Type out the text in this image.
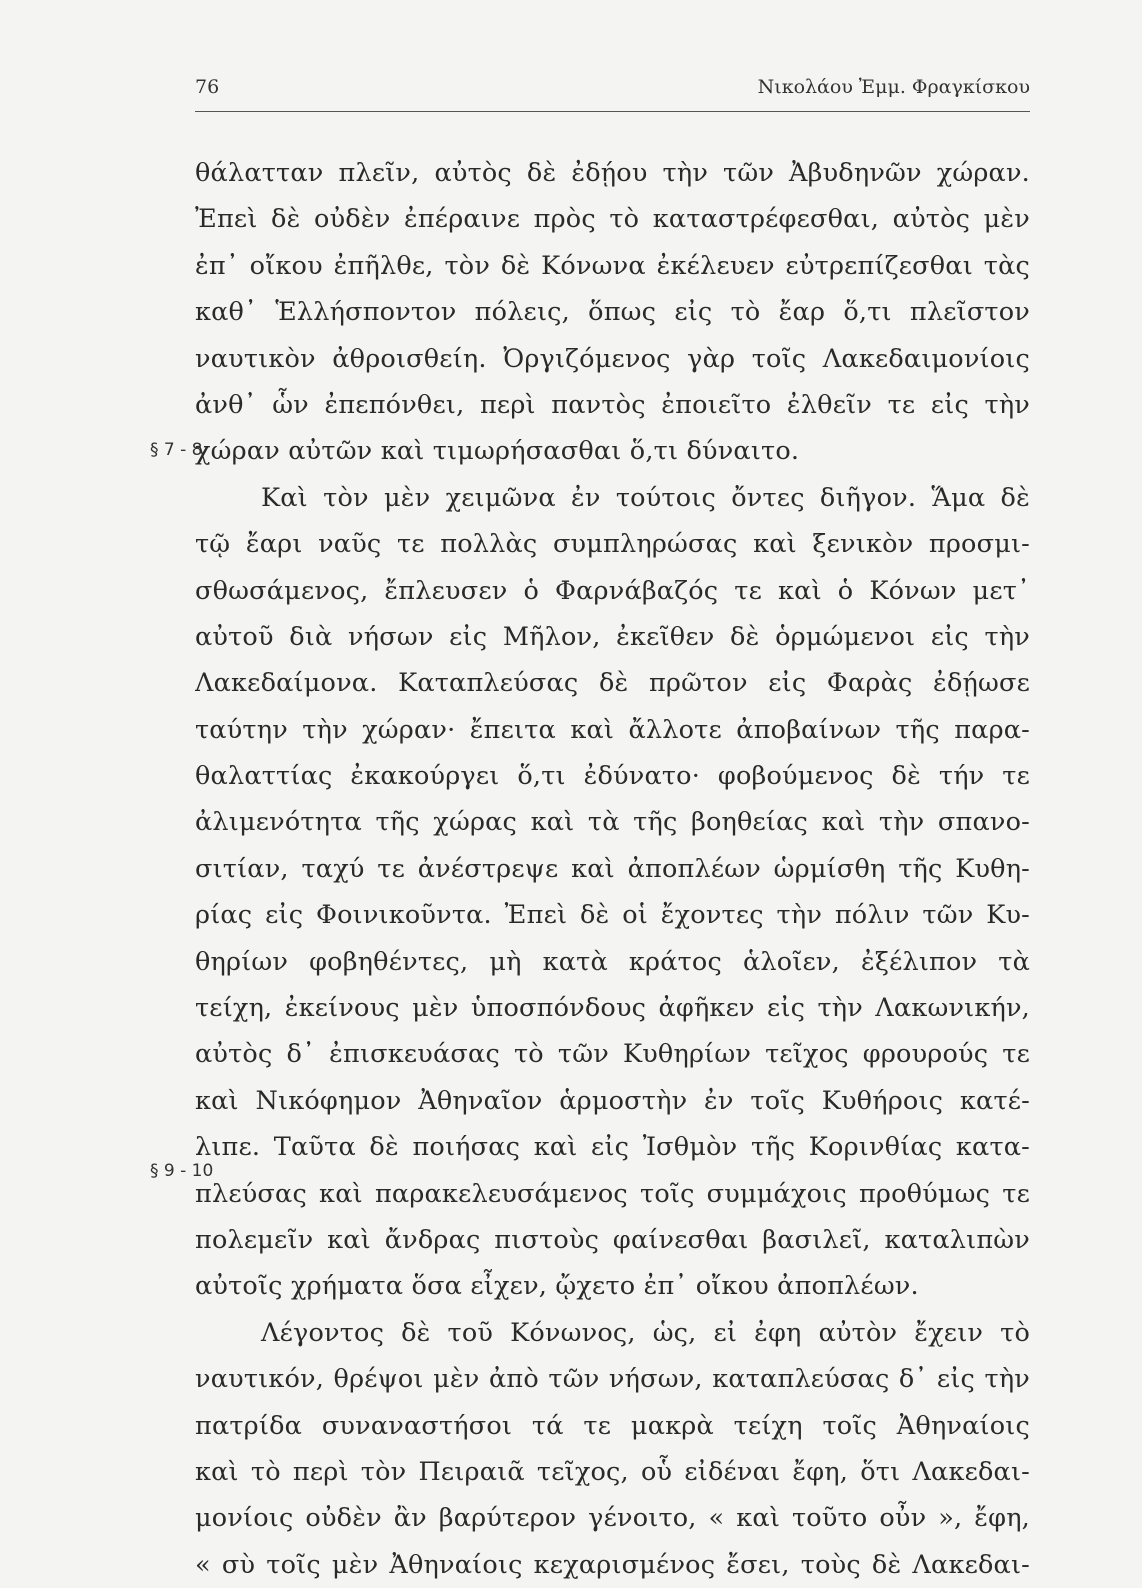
76	Νικολάου Ἐμμ. Φραγκίσκου
§ 7 - 8
§ 9 - 10
θάλατταν πλεῖν, αὐτὸς δὲ ἐδῄου τὴν τῶν Ἀβυδηνῶν χώραν.
Ἐπεὶ δὲ οὐδὲν ἐπέραινε πρὸς τὸ καταστρέφεσθαι, αὐτὸς μὲν
ἐπ᾽ οἴκου ἐπῆλθε, τὸν δὲ Κόνωνα ἐκέλευεν εὐτρεπίζεσθαι τὰς
καθ᾽ Ἑλλήσποντον πόλεις, ὅπως εἰς τὸ ἔαρ ὅ,τι πλεῖστον
ναυτικὸν ἀθροισθείη. Ὀργιζόμενος γὰρ τοῖς Λακεδαιμονίοις
ἀνθ᾽ ὧν ἐπεπόνθει, περὶ παντὸς ἐποιεῖτο ἐλθεῖν τε εἰς τὴν
χώραν αὐτῶν καὶ τιμωρήσασθαι ὅ,τι δύναιτο.
Καὶ τὸν μὲν χειμῶνα ἐν τούτοις ὄντες διῆγον. Ἅμα δὲ
τῷ ἔαρι ναῦς τε πολλὰς συμπληρώσας καὶ ξενικὸν προσμι-
σθωσάμενος, ἔπλευσεν ὁ Φαρνάβαζός τε καὶ ὁ Κόνων μετ᾽
αὐτοῦ διὰ νήσων εἰς Μῆλον, ἐκεῖθεν δὲ ὁρμώμενοι εἰς τὴν
Λακεδαίμονα. Καταπλεύσας δὲ πρῶτον εἰς Φαρὰς ἐδῄωσε
ταύτην τὴν χώραν· ἔπειτα καὶ ἄλλοτε ἀποβαίνων τῆς παρα-
θαλαττίας ἐκακούργει ὅ,τι ἐδύνατο· φοβούμενος δὲ τήν τε
ἀλιμενότητα τῆς χώρας καὶ τὰ τῆς βοηθείας καὶ τὴν σπανο-
σιτίαν, ταχύ τε ἀνέστρεψε καὶ ἀποπλέων ὡρμίσθη τῆς Κυθη-
ρίας εἰς Φοινικοῦντα. Ἐπεὶ δὲ οἱ ἔχοντες τὴν πόλιν τῶν Κυ-
θηρίων φοβηθέντες, μὴ κατὰ κράτος ἁλοῖεν, ἐξέλιπον τὰ
τείχη, ἐκείνους μὲν ὑποσπόνδους ἀφῆκεν εἰς τὴν Λακωνικήν,
αὐτὸς δ᾽ ἐπισκευάσας τὸ τῶν Κυθηρίων τεῖχος φρουρούς τε
καὶ Νικόφημον Ἀθηναῖον ἁρμοστὴν ἐν τοῖς Κυθήροις κατέ-
λιπε. Ταῦτα δὲ ποιήσας καὶ εἰς Ἰσθμὸν τῆς Κορινθίας κατα-
πλεύσας καὶ παρακελευσάμενος τοῖς συμμάχοις προθύμως τε
πολεμεῖν καὶ ἄνδρας πιστοὺς φαίνεσθαι βασιλεῖ, καταλιπὼν
αὐτοῖς χρήματα ὅσα εἶχεν, ᾤχετο ἐπ᾽ οἴκου ἀποπλέων.
Λέγοντος δὲ τοῦ Κόνωνος, ὡς, εἰ ἐφη αὐτὸν ἔχειν τὸ
ναυτικόν, θρέψοι μὲν ἀπὸ τῶν νήσων, καταπλεύσας δ᾽ εἰς τὴν
πατρίδα συναναστήσοι τά τε μακρὰ τείχη τοῖς Ἀθηναίοις
καὶ τὸ περὶ τὸν Πειραιᾶ τεῖχος, οὗ εἰδέναι ἔφη, ὅτι Λακεδαι-
μονίοις οὐδὲν ἂν βαρύτερον γένοιτο, « καὶ τοῦτο οὖν », ἔφη,
« σὺ τοῖς μὲν Ἀθηναίοις κεχαρισμένος ἔσει, τοὺς δὲ Λακεδαι-
